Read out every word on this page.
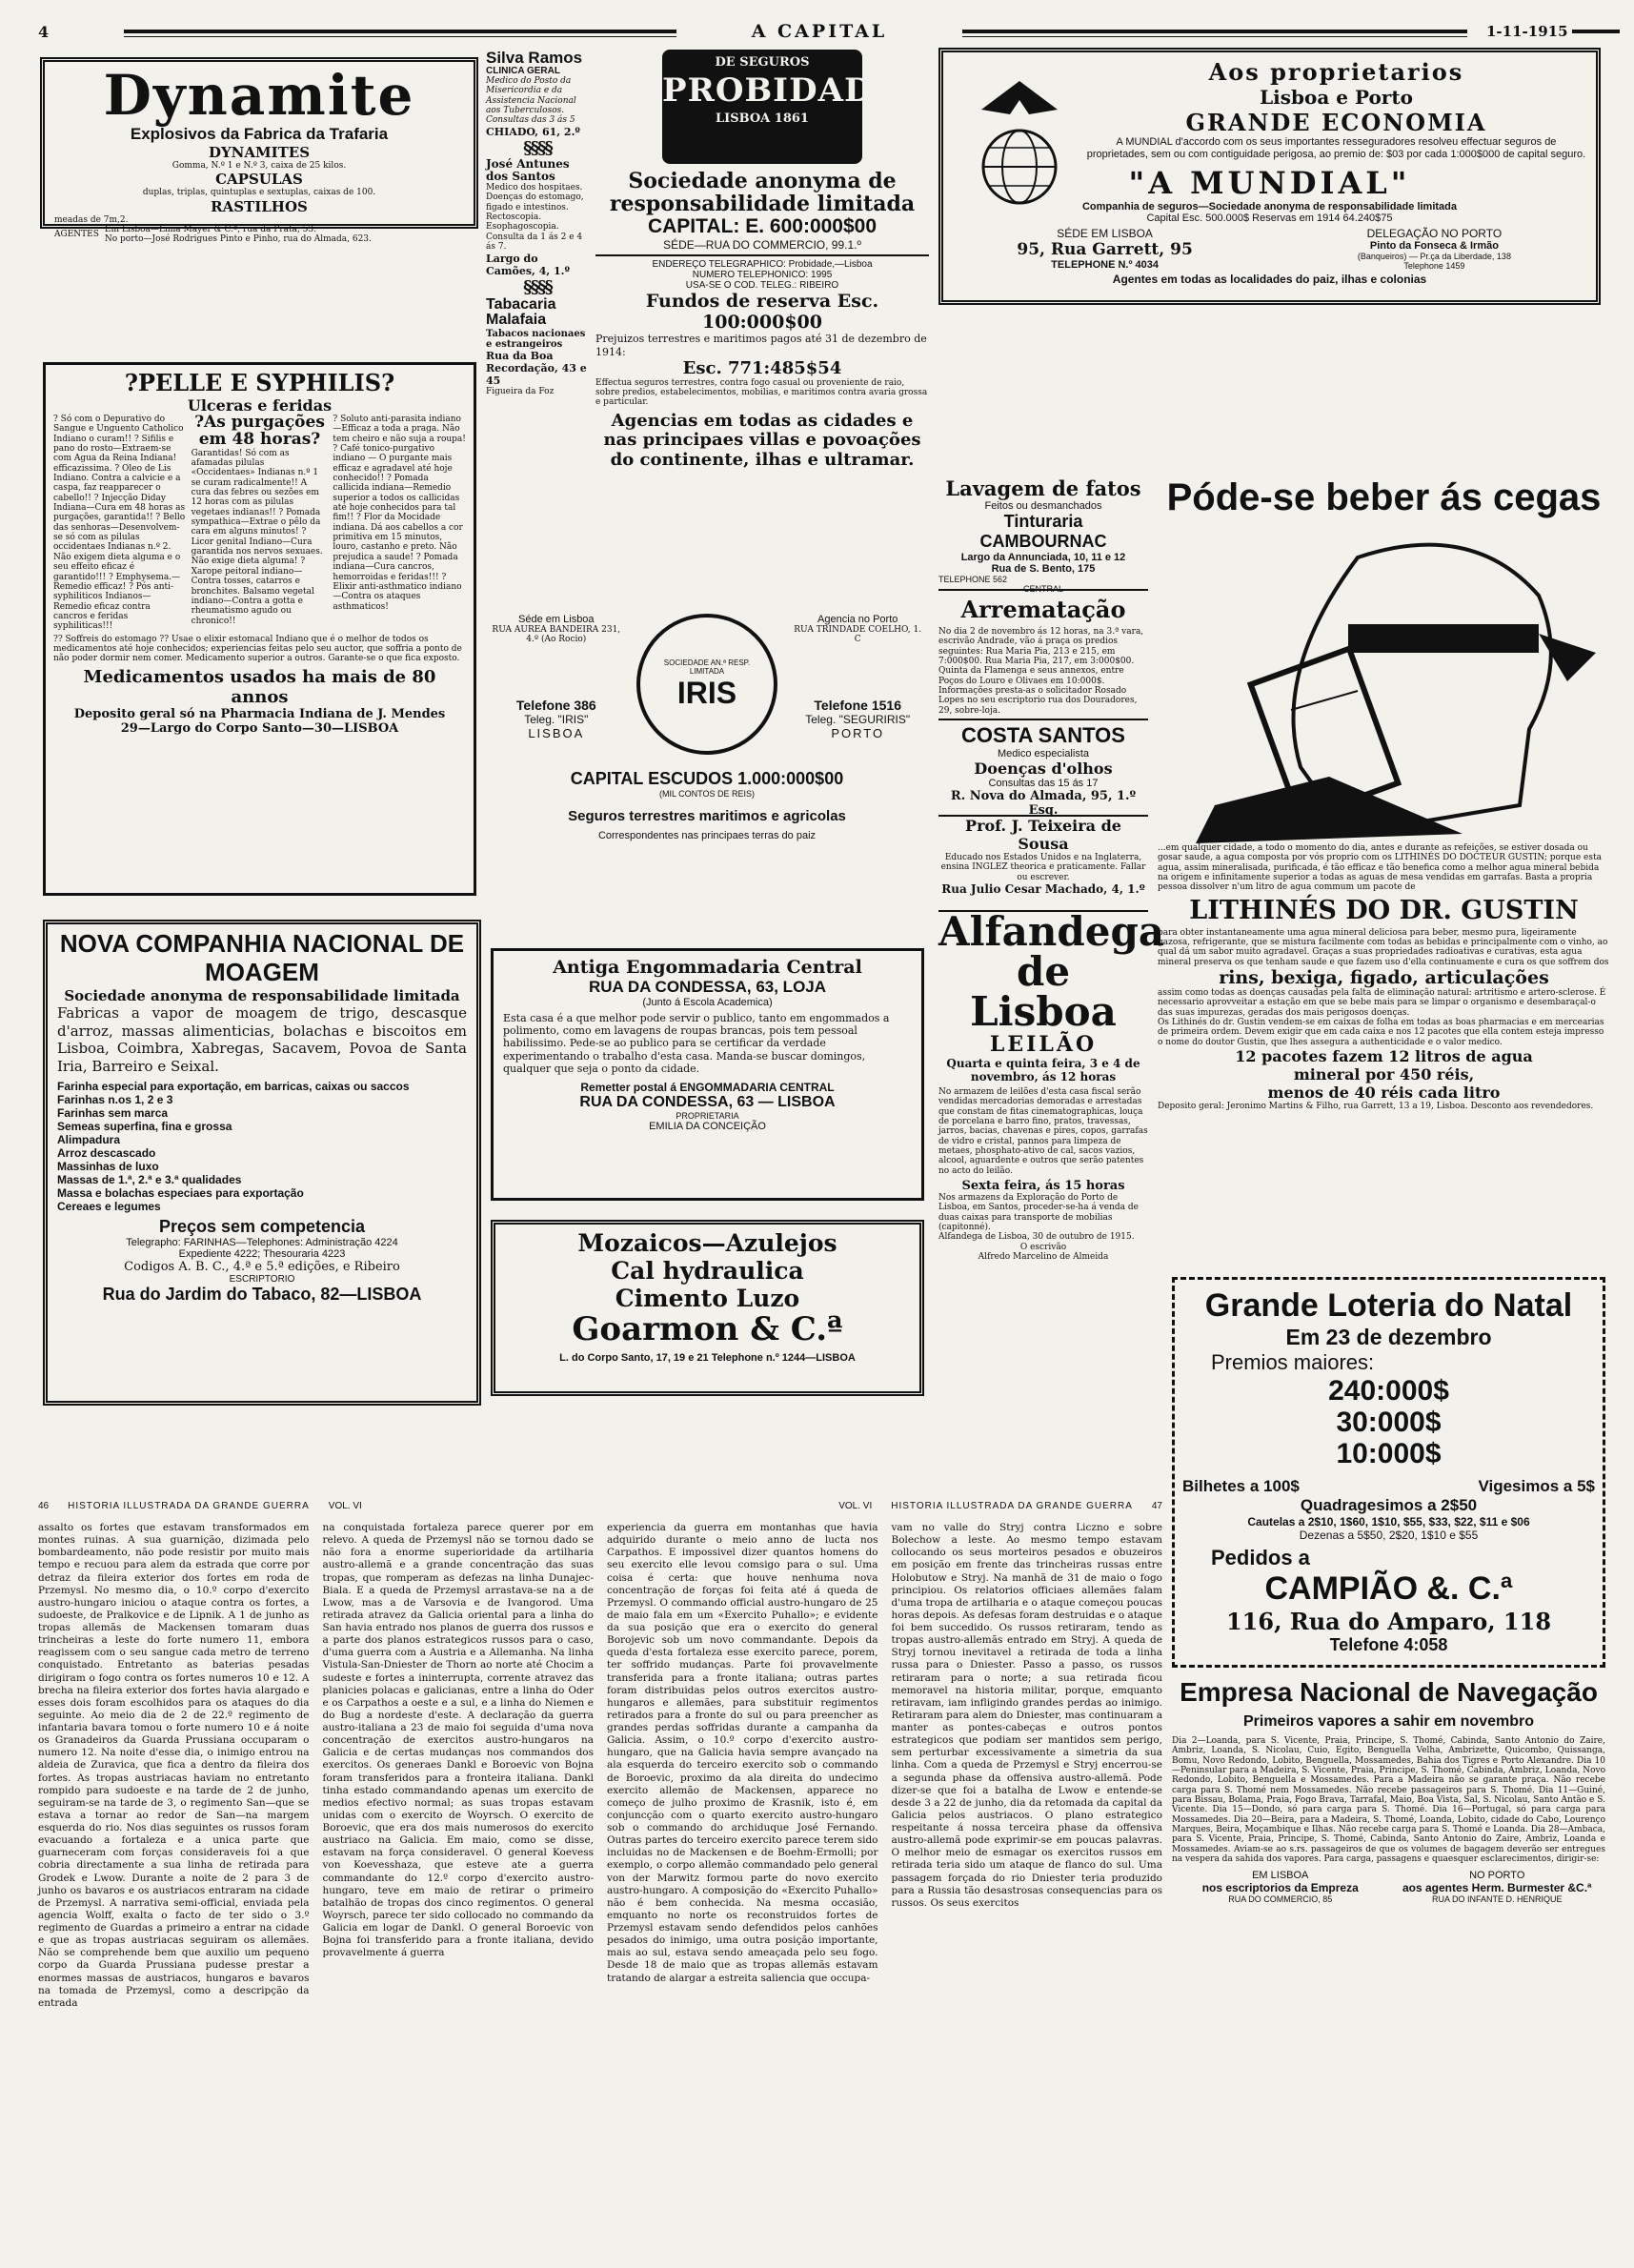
4	A CAPITAL	1-11-1915
Dynamite
Explosivos da Fabrica da Trafaria
DYNAMITES
Gomma, N.º 1 e N.º 3, caixa de 25 kilos.
CAPSULAS
duplas, triplas, quintuplas e sextuplas, caixas de 100.
RASTILHOS
meadas de 7m,2.
AGENTES
Em Lisboa—Lima Mayer & C.ª, rua da Prata, 53.
No porto—José Rodrigues Pinto e Pinho, rua do Almada, 623.
Silva Ramos
CLINICA GERAL
Medico do Posto da Misericordia e da Assistencia Nacional aos Tuberculosos. Consultas das 3 ás 5
CHIADO, 61, 2.º
§§§§
José Antunes dos Santos
Medico dos hospitaes. Doenças do estomago, figado e intestinos. Rectoscopia. Esophagoscopia. Consulta da 1 ás 2 e 4 ás 7.
Largo do Camões, 4, 1.º
§§§§
Tabacaria Malafaia
Tabacos nacionaes e estrangeiros
Rua da Boa Recordação, 43 e 45
Figueira da Foz
DE SEGUROS
PROBIDADE
LISBOA 1861
Sociedade anonyma de responsabilidade limitada
CAPITAL: E. 600:000$00
SÉDE—RUA DO COMMERCIO, 99.1.º
ENDEREÇO TELEGRAPHICO: Probidade,—Lisboa
NUMERO TELEPHONICO: 1995
USA-SE O COD. TELEG.: RIBEIRO
Fundos de reserva Esc. 100:000$00
Prejuizos terrestres e maritimos pagos até 31 de dezembro de 1914:
Esc. 771:485$54
Effectua seguros terrestres, contra fogo casual ou proveniente de raio, sobre predios, estabelecimentos, mobilias, e maritimos contra avaria grossa e particular.
Agencias em todas as cidades e nas principaes villas e povoações do continente, ilhas e ultramar.
Aos proprietarios
Lisboa e Porto
GRANDE ECONOMIA
A MUNDIAL d'accordo com os seus importantes resseguradores resolveu effectuar seguros de proprietades, sem ou com contiguidade perigosa, ao premio de: $03 por cada 1:000$000 de capital seguro.
"A MUNDIAL"
Companhia de seguros—Sociedade anonyma de responsabilidade limitada
Capital Esc. 500.000$ Reservas em 1914 64.240$75
SÉDE EM LISBOA
95, Rua Garrett, 95
TELEPHONE N.º 4034
DELEGAÇÃO NO PORTO
Pinto da Fonseca & Irmão
(Banqueiros) — Pr.ça da Liberdade, 138
Telephone 1459
Agentes em todas as localidades do paiz, ilhas e colonias
?PELLE E SYPHILIS?
Ulceras e feridas
? Só com o Depurativo do Sangue e Unguento Catholico Indiano o curam!! ? Sifilis e pano do rosto—Extraem-se com Agua da Reina Indiana! efficazissima. ? Oleo de Lis Indiano. Contra a calvicie e a caspa, faz reapparecer o cabello!! ? Injecção Diday Indiana—Cura em 48 horas as purgações, garantida!! ? Bello das senhoras—Desenvolvem-se só com as pilulas occidentaes Indianas n.º 2. Não exigem dieta alguma e o seu effeito eficaz é garantido!!! ? Emphysema.—Remedio efficaz! ? Pós anti-syphiliticos Indianos—Remedio eficaz contra cancros e feridas syphiliticas!!!
?As purgações em 48 horas?
Garantidas! Só com as afamadas pilulas «Occidentaes» Indianas n.º 1 se curam radicalmente!! A cura das febres ou sezões em 12 horas com as pilulas vegetaes indianas!! ? Pomada sympathica—Extrae o pêlo da cara em alguns minutos! ? Licor genital Indiano—Cura garantida nos nervos sexuaes. Não exige dieta alguma! ? Xarope peitoral indiano—Contra tosses, catarros e bronchites. Balsamo vegetal indiano—Contra a gotta e rheumatismo agudo ou chronico!!
? Soluto anti-parasita indiano—Efficaz a toda a praga. Não tem cheiro e não suja a roupa! ? Café tonico-purgativo indiano — O purgante mais efficaz e agradavel até hoje conhecido!! ? Pomada callicida indiana—Remedio superior a todos os callicidas até hoje conhecidos para tal fim!! ? Flor da Mocidade indiana. Dá aos cabellos a cor primitiva em 15 minutos, louro, castanho e preto. Não prejudica a saude! ? Pomada indiana—Cura cancros, hemorroidas e feridas!!! ? Elixir anti-asthmatico indiano—Contra os ataques asthmaticos!
?? Soffreis do estomago ?? Usae o elixir estomacal Indiano que é o melhor de todos os medicamentos até hoje conhecidos; experiencias feitas pelo seu auctor, que soffria a ponto de não poder dormir nem comer. Medicamento superior a outros. Garante-se o que fica exposto.
Medicamentos usados ha mais de 80 annos
Deposito geral só na Pharmacia Indiana de J. Mendes
29—Largo do Corpo Santo—30—LISBOA
Séde em Lisboa
RUA AUREA BANDEIRA 231, 4.º (Ao Rocio)
SOCIEDADE AN.ª RESP. LIMITADA
IRIS
Agencia no Porto
RUA TRINDADE COELHO, 1. C
Telefone 386
Teleg. "IRIS"
LISBOA
Telefone 1516
Teleg. "SEGURIRIS"
PORTO
CAPITAL ESCUDOS 1.000:000$00
(MIL CONTOS DE REIS)
Seguros terrestres maritimos e agricolas
Correspondentes nas principaes terras do paiz
Lavagem de fatos
Feitos ou desmanchados
Tinturaria CAMBOURNAC
Largo da Annunciada, 10, 11 e 12
Rua de S. Bento, 175
TELEPHONE 562
CENTRAL
Arrematação
No dia 2 de novembro ás 12 horas, na 3.ª vara, escrivão Andrade, vão á praça os predios seguintes: Rua Maria Pia, 213 e 215, em 7:000$00. Rua Maria Pia, 217, em 3:000$00. Quinta da Flamenga e seus annexos, entre Poços do Louro e Olivaes em 10:000$. Informações presta-as o solicitador Rosado Lopes no seu escriptorio rua dos Douradores, 29, sobre-loja.
COSTA SANTOS
Medico especialista
Doenças d'olhos
Consultas das 15 ás 17
R. Nova do Almada, 95, 1.º Esq.
Prof. J. Teixeira de Sousa
Educado nos Estados Unidos e na Inglaterra, ensina INGLEZ theorica e praticamente. Fallar ou escrever.
Rua Julio Cesar Machado, 4, 1.º
Alfandega
de Lisboa
LEILÃO
Quarta e quinta feira, 3 e 4 de novembro, ás 12 horas
No armazem de leilões d'esta casa fiscal serão vendidas mercadorias demoradas e arrestadas que constam de fitas cinematographicas, louça de porcelana e barro fino, pratos, travessas, jarros, bacias, chavenas e pires, copos, garrafas de vidro e cristal, pannos para limpeza de metaes, phosphato-ativo de cal, sacos vazios, alcool, aguardente e outros que serão patentes no acto do leilão.
Sexta feira, ás 15 horas
Nos armazens da Exploração do Porto de Lisboa, em Santos, proceder-se-ha á venda de duas caixas para transporte de mobilias (capitonné).
Alfandega de Lisboa, 30 de outubro de 1915.
O escrivão
Alfredo Marcelino de Almeida
Póde-se beber ás cegas
...em qualquer cidade, a todo o momento do dia, antes e durante as refeições, se estiver dosada ou gosar saude, a agua composta por vós proprio com os LITHINÉS DO DOCTEUR GUSTIN; porque esta agua, assim mineralisada, purificada, é tão efficaz e tão benefica como a melhor agua mineral bebida na origem e infinitamente superior a todas as aguas de mesa vendidas em garrafas. Basta a propria pessoa dissolver n'um litro de agua commum um pacote de
LITHINÉS DO DR. GUSTIN
para obter instantaneamente uma agua mineral deliciosa para beber, mesmo pura, ligeiramente gazosa, refrigerante, que se mistura facilmente com todas as bebidas e principalmente com o vinho, ao qual dá um sabor muito agradavel. Graças a suas propriedades radioativas e curativas, esta agua mineral preserva os que tenham saude e que fazem uso d'ella continuamente e cura os que soffrem dos
rins, bexiga, figado, articulações
assim como todas as doenças causadas pela falta de eliminação natural: artritismo e artero-sclerose. É necessario aprovveitar a estação em que se bebe mais para se limpar o organismo e desembaraçal-o das suas impurezas, geradas dos mais perigosos doenças.
Os Lithinés do dr. Gustin vendem-se em caixas de folha em todas as boas pharmacias e em mercearias de primeira ordem. Devem exigir que em cada caixa e nos 12 pacotes que ella contem esteja impresso o nome do doutor Gustin, que lhes assegura a authenticidade e o valor medico.
12 pacotes fazem 12 litros de agua
mineral por 450 réis,
menos de 40 réis cada litro
Deposito geral: Jeronimo Martins & Filho, rua Garrett, 13 a 19, Lisboa. Desconto aos revendedores.
NOVA COMPANHIA NACIONAL DE MOAGEM
Sociedade anonyma de responsabilidade limitada
Fabricas a vapor de moagem de trigo, descasque d'arroz, massas alimenticias, bolachas e biscoitos em Lisboa, Coimbra, Xabregas, Sacavem, Povoa de Santa Iria, Barreiro e Seixal.
Farinha especial para exportação, em barricas, caixas ou saccos
Farinhas n.os 1, 2 e 3
Farinhas sem marca
Semeas superfina, fina e grossa
Alimpadura
Arroz descascado
Massinhas de luxo
Massas de 1.ª, 2.ª e 3.ª qualidades
Massa e bolachas especiaes para exportação
Cereaes e legumes
Preços sem competencia
Telegrapho: FARINHAS—Telephones: Administração 4224
Expediente 4222; Thesouraria 4223
Codigos A. B. C., 4.ª e 5.ª edições, e Ribeiro
ESCRIPTORIO
Rua do Jardim do Tabaco, 82—LISBOA
Antiga Engommadaria Central
RUA DA CONDESSA, 63, LOJA
(Junto á Escola Academica)
Esta casa é a que melhor pode servir o publico, tanto em engommados a polimento, como em lavagens de roupas brancas, pois tem pessoal habilissimo. Pede-se ao publico para se certificar da verdade experimentando o trabalho d'esta casa. Manda-se buscar domingos, qualquer que seja o ponto da cidade.
Remetter postal á ENGOMMADARIA CENTRAL
RUA DA CONDESSA, 63 — LISBOA
PROPRIETARIA
EMILIA DA CONCEIÇÃO
Mozaicos—Azulejos
Cal hydraulica
Cimento Luzo
Goarmon & C.ª
L. do Corpo Santo, 17, 19 e 21 Telephone n.º 1244—LISBOA
Grande Loteria do Natal
Em 23 de dezembro
Premios maiores:
240:000$
30:000$
10:000$
Bilhetes a 100$	Vigesimos a 5$
Quadragesimos a 2$50
Cautelas a 2$10, 1$60, 1$10, $55, $33, $22, $11 e $06
Dezenas a 5$50, 2$20, 1$10 e $55
Pedidos a
CAMPIÃO &. C.ª
116, Rua do Amparo, 118
Telefone 4:058
Empresa Nacional de Navegação
Primeiros vapores a sahir em novembro
Dia 2—Loanda, para S. Vicente, Praia, Principe, S. Thomé, Cabinda, Santo Antonio do Zaire, Ambriz, Loanda, S. Nicolau, Cuio, Egito, Benguella Velha, Ambrizette, Quicombo, Quissanga, Bomu, Novo Redondo, Lobito, Benguella, Mossamedes, Bahia dos Tigres e Porto Alexandre. Dia 10—Peninsular para a Madeira, S. Vicente, Praia, Principe, S. Thomé, Cabinda, Ambriz, Loanda, Novo Redondo, Lobito, Benguella e Mossamedes. Para a Madeira não se garante praça. Não recebe carga para S. Thomé nem Mossamedes. Não recebe passageiros para S. Thomé. Dia 11—Guiné, para Bissau, Bolama, Praia, Fogo Brava, Tarrafal, Maio, Boa Vista, Sal, S. Nicolau, Santo Antão e S. Vicente. Dia 15—Dondo, só para carga para S. Thomé. Dia 16—Portugal, só para carga para Mossamedes. Dia 20—Beira, para a Madeira, S. Thomé, Loanda, Lobito, cidade do Cabo, Lourenço Marques, Beira, Moçambique e Ilhas. Não recebe carga para S. Thomé e Loanda. Dia 28—Ambaca, para S. Vicente, Praia, Principe, S. Thomé, Cabinda, Santo Antonio do Zaire, Ambriz, Loanda e Mossamedes. Aviam-se ao s.rs. passageiros de que os volumes de bagagem deverão ser entregues na vespera da sahida dos vapores. Para carga, passagens e quaesquer esclarecimentos, dirigir-se:
EM LISBOA
nos escriptorios da Empreza
RUA DO COMMERCIO, 85
NO PORTO
aos agentes Herm. Burmester &C.ª
RUA DO INFANTE D. HENRIQUE
46 HISTORIA ILLUSTRADA DA GRANDE GUERRA VOL. VI	VOL. VI HISTORIA ILLUSTRADA DA GRANDE GUERRA 47
assalto os fortes que estavam transformados em montes ruinas. A sua guarnição, dizimada pelo bombardeamento, não pode resistir por muito mais tempo e recuou para alem da estrada que corre por detraz da fileira exterior dos fortes em roda de Przemysl. No mesmo dia, o 10.º corpo d'exercito austro-hungaro iniciou o ataque contra os fortes, a sudoeste, de Pralkovice e de Lipnik. A 1 de junho as tropas allemãs de Mackensen tomaram duas trincheiras a leste do forte numero 11, embora reagissem com o seu sangue cada metro de terreno conquistado. Entretanto as baterias pesadas dirigiram o fogo contra os fortes numeros 10 e 12. A brecha na fileira exterior dos fortes havia alargado e esses dois foram escolhidos para os ataques do dia seguinte. Ao meio dia de 2 de 22.º regimento de infantaria bavara tomou o forte numero 10 e á noite os Granadeiros da Guarda Prussiana occuparam o numero 12. Na noite d'esse dia, o inimigo entrou na aldeia de Zuravica, que fica a dentro da fileira dos fortes. As tropas austriacas haviam no entretanto rompido para sudoeste e na tarde de 2 de junho, seguiram-se na tarde de 3, o regimento San—que se estava a tornar ao redor de San—na margem esquerda do rio. Nos dias seguintes os russos foram evacuando a fortaleza e a unica parte que guarneceram com forças consideraveis foi a que cobria directamente a sua linha de retirada para Grodek e Lwow. Durante a noite de 2 para 3 de junho os bavaros e os austriacos entraram na cidade de Przemysl. A narrativa semi-official, enviada pela agencia Wolff, exalta o facto de ter sido o 3.º regimento de Guardas a primeiro a entrar na cidade e que as tropas austriacas seguiram os allemães. Não se comprehende bem que auxilio um pequeno corpo da Guarda Prussiana pudesse prestar a enormes massas de austriacos, hungaros e bavaros na tomada de Przemysl, como a descripção da entrada
na conquistada fortaleza parece querer por em relevo. A queda de Przemysl não se tornou dado se não fora a enorme superioridade da artilharia austro-allemã e a grande concentração das suas tropas, que romperam as defezas na linha Dunajec-Biala. E a queda de Przemysl arrastava-se na a de Lwow, mas a de Varsovia e de Ivangorod. Uma retirada atravez da Galicia oriental para a linha do San havia entrado nos planos de guerra dos russos e a parte dos planos estrategicos russos para o caso, d'uma guerra com a Austria e a Allemanha. Na linha Vistula-San-Dniester de Thorn ao norte até Chocim a sudeste e fortes a ininterrupta, corrente atravez das planicies polacas e galicianas, entre a linha do Oder e os Carpathos a oeste e a sul, e a linha do Niemen e do Bug a nordeste d'este. A declaração da guerra austro-italiana a 23 de maio foi seguida d'uma nova concentração de exercitos austro-hungaros na Galicia e de certas mudanças nos commandos dos exercitos. Os generaes Dankl e Boroevic von Bojna foram transferidos para a fronteira italiana. Dankl tinha estado commandando apenas um exercito de medios efectivo normal; as suas tropas estavam unidas com o exercito de Woyrsch. O exercito de Boroevic, que era dos mais numerosos do exercito austriaco na Galicia. Em maio, como se disse, estavam na força consideravel. O general Koevess von Koevesshaza, que esteve ate a guerra commandante do 12.º corpo d'exercito austro-hungaro, teve em maio de retirar o primeiro batalhão de tropas dos cinco regimentos. O general Woyrsch, parece ter sido collocado no commando da Galicia em logar de Dankl. O general Boroevic von Bojna foi transferido para a fronte italiana, devido provavelmente á guerra
experiencia da guerra em montanhas que havia adquirido durante o meio anno de lucta nos Carpathos. E impossivel dizer quantos homens do seu exercito elle levou comsigo para o sul. Uma coisa é certa: que houve nenhuma nova concentração de forças foi feita até á queda de Przemysl. O commando official austro-hungaro de 25 de maio fala em um «Exercito Puhallo»; e evidente da sua posição que era o exercito do general Borojevic sob um novo commandante. Depois da queda d'esta fortaleza esse exercito parece, porem, ter soffrido mudanças. Parte foi provavelmente transferida para a fronte italiana; outras partes foram distribuidas pelos outros exercitos austro-hungaros e allemães, para substituir regimentos retirados para a fronte do sul ou para preencher as grandes perdas soffridas durante a campanha da Galicia. Assim, o 10.º corpo d'exercito austro-hungaro, que na Galicia havia sempre avançado na ala esquerda do terceiro exercito sob o commando de Boroevic, proximo da ala direita do undecimo exercito allemão de Mackensen, apparece no começo de julho proximo de Krasnik, isto é, em conjuncção com o quarto exercito austro-hungaro sob o commando do archiduque José Fernando. Outras partes do terceiro exercito parece terem sido incluidas no de Mackensen e de Boehm-Ermolli; por exemplo, o corpo allemão commandado pelo general von der Marwitz formou parte do novo exercito austro-hungaro. A composição do «Exercito Puhallo» não é bem conhecida. Na mesma occasião, emquanto no norte os reconstruidos fortes de Przemysl estavam sendo defendidos pelos canhões pesados do inimigo, uma outra posição importante, mais ao sul, estava sendo ameaçada pelo seu fogo. Desde 18 de maio que as tropas allemãs estavam tratando de alargar a estreita saliencia que occupa-
vam no valle do Stryj contra Liczno e sobre Bolechow a leste. Ao mesmo tempo estavam collocando os seus morteiros pesados e obuzeiros em posição em frente das trincheiras russas entre Holobutow e Stryj. Na manhã de 31 de maio o fogo principiou. Os relatorios officiaes allemães falam d'uma tropa de artilharia e o ataque começou poucas horas depois. As defesas foram destruidas e o ataque foi bem succedido. Os russos retiraram, tendo as tropas austro-allemãs entrado em Stryj. A queda de Stryj tornou inevitavel a retirada de toda a linha russa para o Dniester. Passo a passo, os russos retiraram para o norte; a sua retirada ficou memoravel na historia militar, porque, emquanto retiravam, iam infligindo grandes perdas ao inimigo. Retiraram para alem do Dniester, mas continuaram a manter as pontes-cabeças e outros pontos estrategicos que podiam ser mantidos sem perigo, sem perturbar excessivamente a simetria da sua linha. Com a queda de Przemysl e Stryj encerrou-se a segunda phase da offensiva austro-allemã. Pode dizer-se que foi a batalha de Lwow e entende-se desde 3 a 22 de junho, dia da retomada da capital da Galicia pelos austriacos. O plano estrategico respeitante á nossa terceira phase da offensiva austro-allemã pode exprimir-se em poucas palavras. O melhor meio de esmagar os exercitos russos em retirada teria sido um ataque de flanco do sul. Uma passagem forçada do rio Dniester teria produzido para a Russia tão desastrosas consequencias para os russos. Os seus exercitos
